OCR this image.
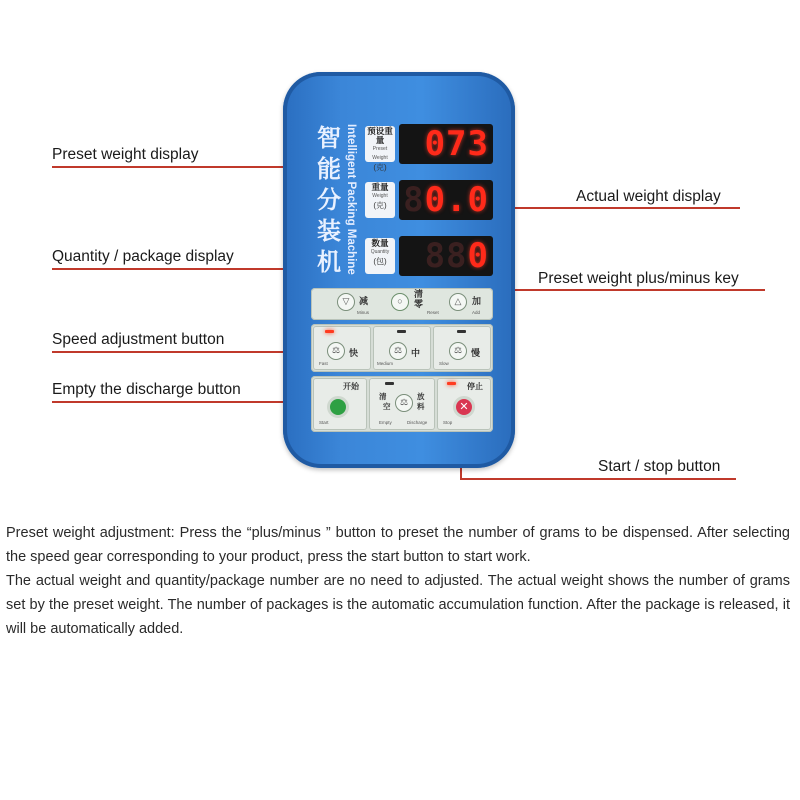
Preset weight display
Actual weight display
Quantity / package display
Preset weight plus/minus key
Speed adjustment button
Empty the discharge button
Start / stop button
智
能
分
装
机 Intelligent Packing Machine 预设重量
Preset Weight
(克)
073
重量
Weight
(克) 80.0
数量
Quantity
(包)	880
▽	减
Minus
○
清
零
Reset
△	加
Add
⚖ 快
Fast
⚖ 中
Medium
⚖ 慢
Slow
开始
Start
清
空	⚖
放
料
Empty	Discharge
停止
✕
Stop

Preset weight adjustment: Press the “plus/minus ” button to preset the number of grams to be dispensed. After selecting the speed gear corresponding to your product, press the start button to start work.

The actual weight and quantity/package number are no need to adjusted. The actual weight shows the number of grams set by the preset weight. The number of packages is the automatic accumulation function. After the package is released, it will be automatically added.
